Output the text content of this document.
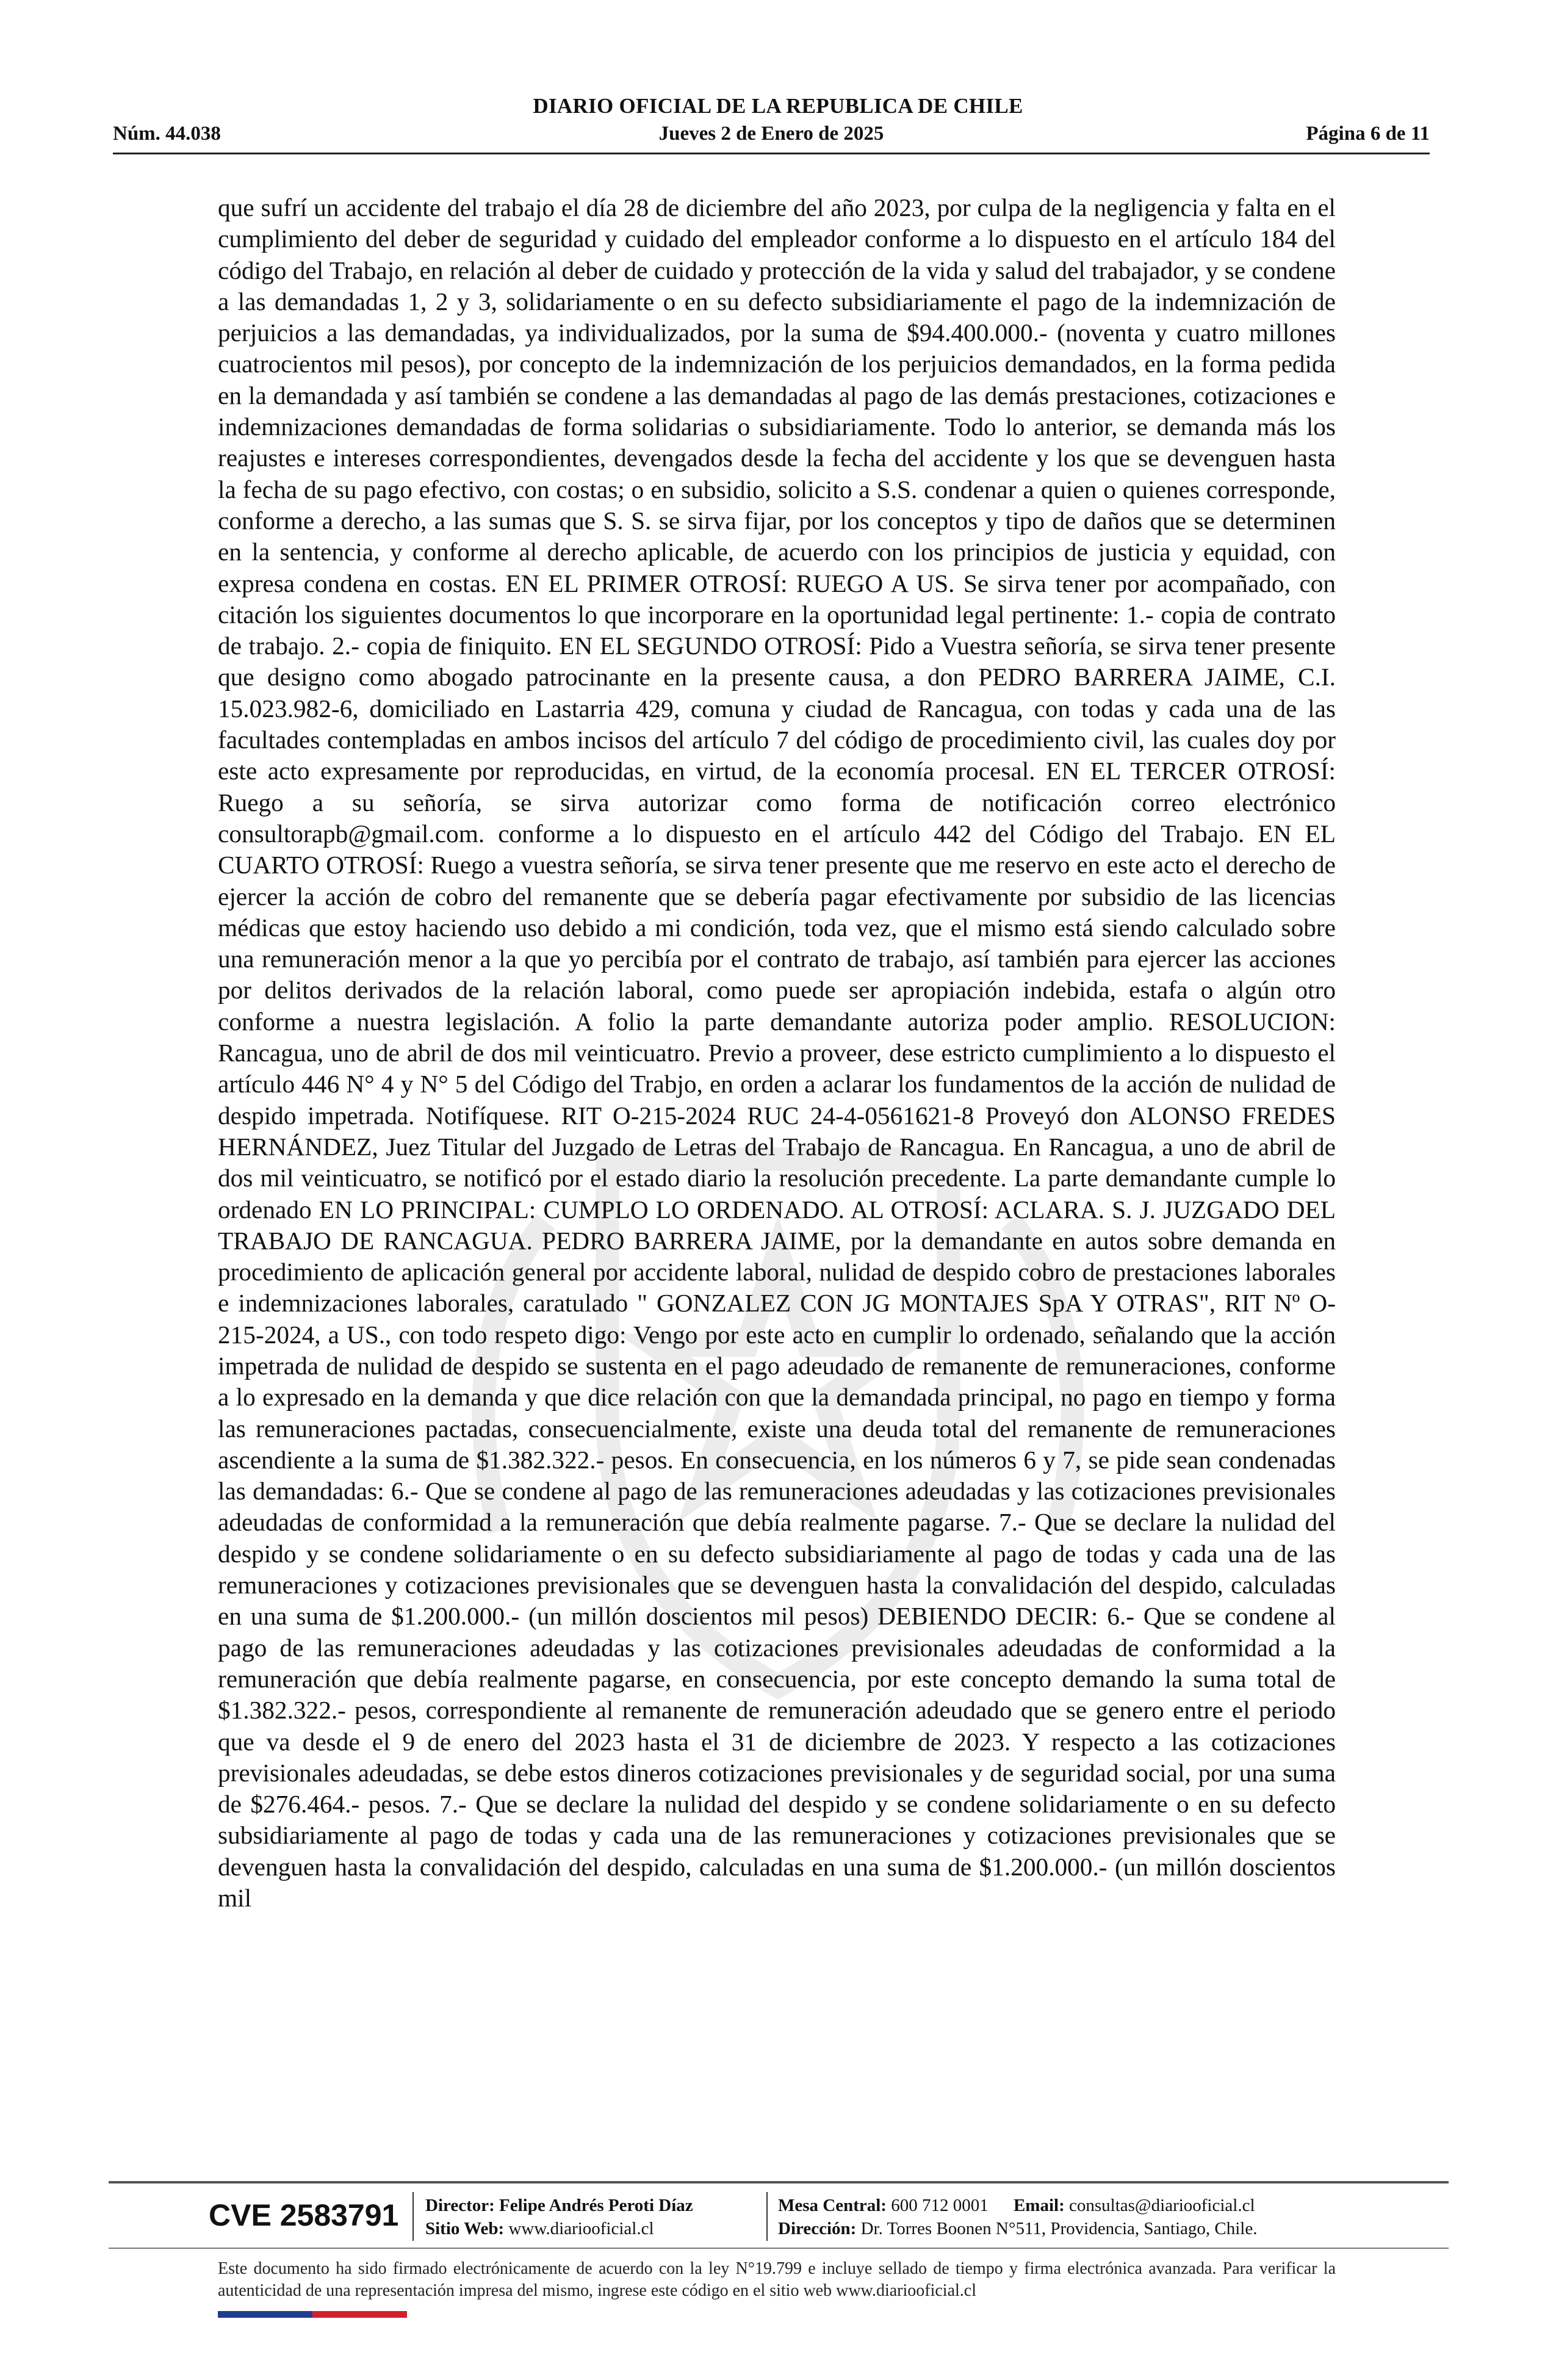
DIARIO OFICIAL DE LA REPUBLICA DE CHILE
Núm. 44.038	Jueves 2 de Enero de 2025	Página 6 de 11

que sufrí un accidente del trabajo el día 28 de diciembre del año 2023, por culpa de la negligencia y falta en el cumplimiento del deber de seguridad y cuidado del empleador conforme a lo dispuesto en el artículo 184 del código del Trabajo, en relación al deber de cuidado y protección de la vida y salud del trabajador, y se condene a las demandadas 1, 2 y 3, solidariamente o en su defecto subsidiariamente el pago de la indemnización de perjuicios a las demandadas, ya individualizados, por la suma de $94.400.000.- (noventa y cuatro millones cuatrocientos mil pesos), por concepto de la indemnización de los perjuicios demandados, en la forma pedida en la demandada y así también se condene a las demandadas al pago de las demás prestaciones, cotizaciones e indemnizaciones demandadas de forma solidarias o subsidiariamente. Todo lo anterior, se demanda más los reajustes e intereses correspondientes, devengados desde la fecha del accidente y los que se devenguen hasta la fecha de su pago efectivo, con costas; o en subsidio, solicito a S.S. condenar a quien o quienes corresponde, conforme a derecho, a las sumas que S. S. se sirva fijar, por los conceptos y tipo de daños que se determinen en la sentencia, y conforme al derecho aplicable, de acuerdo con los principios de justicia y equidad, con expresa condena en costas. EN EL PRIMER OTROSÍ: RUEGO A US. Se sirva tener por acompañado, con citación los siguientes documentos lo que incorporare en la oportunidad legal pertinente: 1.- copia de contrato de trabajo. 2.- copia de finiquito. EN EL SEGUNDO OTROSÍ: Pido a Vuestra señoría, se sirva tener presente que designo como abogado patrocinante en la presente causa, a don PEDRO BARRERA JAIME, C.I. 15.023.982-6, domiciliado en Lastarria 429, comuna y ciudad de Rancagua, con todas y cada una de las facultades contempladas en ambos incisos del artículo 7 del código de procedimiento civil, las cuales doy por este acto expresamente por reproducidas, en virtud, de la economía procesal. EN EL TERCER OTROSÍ: Ruego a su señoría, se sirva autorizar como forma de notificación correo electrónico consultorapb@gmail.com. conforme a lo dispuesto en el artículo 442 del Código del Trabajo. EN EL CUARTO OTROSÍ: Ruego a vuestra señoría, se sirva tener presente que me reservo en este acto el derecho de ejercer la acción de cobro del remanente que se debería pagar efectivamente por subsidio de las licencias médicas que estoy haciendo uso debido a mi condición, toda vez, que el mismo está siendo calculado sobre una remuneración menor a la que yo percibía por el contrato de trabajo, así también para ejercer las acciones por delitos derivados de la relación laboral, como puede ser apropiación indebida, estafa o algún otro conforme a nuestra legislación. A folio la parte demandante autoriza poder amplio. RESOLUCION: Rancagua, uno de abril de dos mil veinticuatro. Previo a proveer, dese estricto cumplimiento a lo dispuesto el artículo 446 N° 4 y N° 5 del Código del Trabjo, en orden a aclarar los fundamentos de la acción de nulidad de despido impetrada. Notifíquese. RIT O-215-2024 RUC 24-4-0561621-8 Proveyó don ALONSO FREDES HERNÁNDEZ, Juez Titular del Juzgado de Letras del Trabajo de Rancagua. En Rancagua, a uno de abril de dos mil veinticuatro, se notificó por el estado diario la resolución precedente. La parte demandante cumple lo ordenado EN LO PRINCIPAL: CUMPLO LO ORDENADO. AL OTROSÍ: ACLARA. S. J. JUZGADO DEL TRABAJO DE RANCAGUA. PEDRO BARRERA JAIME, por la demandante en autos sobre demanda en procedimiento de aplicación general por accidente laboral, nulidad de despido cobro de prestaciones laborales e indemnizaciones laborales, caratulado " GONZALEZ CON JG MONTAJES SpA Y OTRAS", RIT Nº O-215-2024, a US., con todo respeto digo: Vengo por este acto en cumplir lo ordenado, señalando que la acción impetrada de nulidad de despido se sustenta en el pago adeudado de remanente de remuneraciones, conforme a lo expresado en la demanda y que dice relación con que la demandada principal, no pago en tiempo y forma las remuneraciones pactadas, consecuencialmente, existe una deuda total del remanente de remuneraciones ascendiente a la suma de $1.382.322.- pesos. En consecuencia, en los números 6 y 7, se pide sean condenadas las demandadas: 6.- Que se condene al pago de las remuneraciones adeudadas y las cotizaciones previsionales adeudadas de conformidad a la remuneración que debía realmente pagarse. 7.- Que se declare la nulidad del despido y se condene solidariamente o en su defecto subsidiariamente al pago de todas y cada una de las remuneraciones y cotizaciones previsionales que se devenguen hasta la convalidación del despido, calculadas en una suma de $1.200.000.- (un millón doscientos mil pesos) DEBIENDO DECIR: 6.- Que se condene al pago de las remuneraciones adeudadas y las cotizaciones previsionales adeudadas de conformidad a la remuneración que debía realmente pagarse, en consecuencia, por este concepto demando la suma total de $1.382.322.- pesos, correspondiente al remanente de remuneración adeudado que se genero entre el periodo que va desde el 9 de enero del 2023 hasta el 31 de diciembre de 2023. Y respecto a las cotizaciones previsionales adeudadas, se debe estos dineros cotizaciones previsionales y de seguridad social, por una suma de $276.464.- pesos. 7.- Que se declare la nulidad del despido y se condene solidariamente o en su defecto subsidiariamente al pago de todas y cada una de las remuneraciones y cotizaciones previsionales que se devenguen hasta la convalidación del despido, calculadas en una suma de $1.200.000.- (un millón doscientos mil

CVE 2583791 Director: Felipe Andrés Peroti Díaz
Sitio Web: www.diariooficial.cl
Mesa Central: 600 712 0001 Email: consultas@diariooficial.cl
Dirección: Dr. Torres Boonen N°511, Providencia, Santiago, Chile.
Este documento ha sido firmado electrónicamente de acuerdo con la ley N°19.799 e incluye sellado de tiempo y firma electrónica avanzada. Para verificar la autenticidad de una representación impresa del mismo, ingrese este código en el sitio web www.diariooficial.cl
